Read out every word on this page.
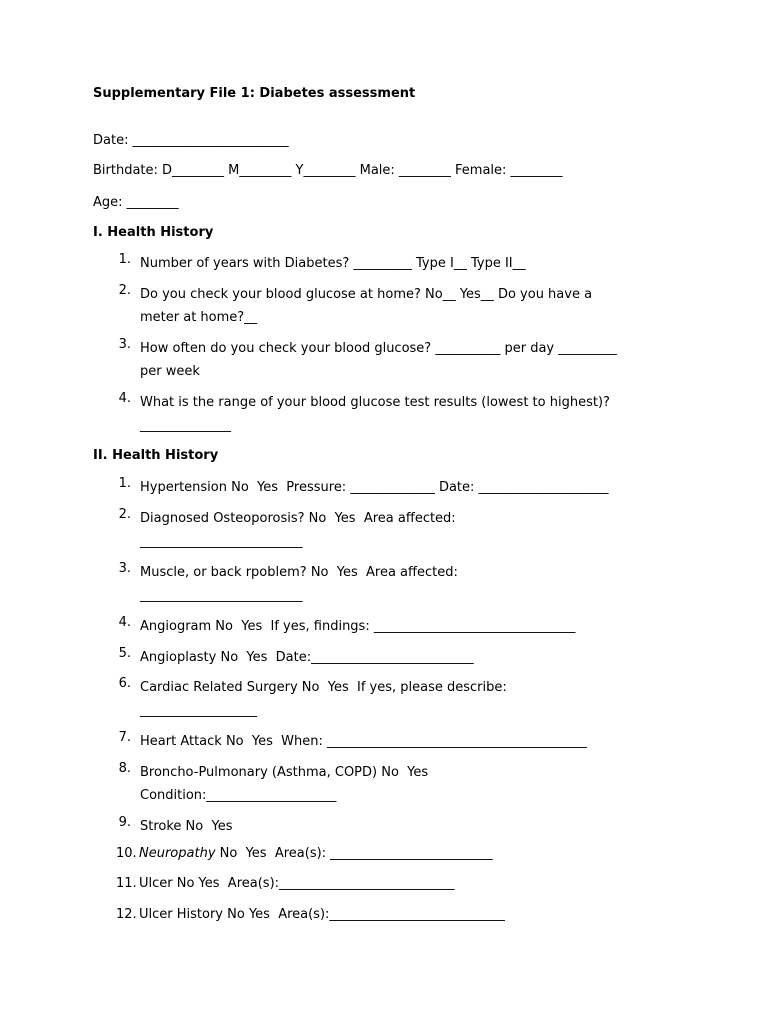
Supplementary File 1: Diabetes assessment
Date: ________________________
Birthdate: D________ M________ Y________ Male: ________ Female: ________
Age: ________
I. Health History
1. Number of years with Diabetes? _________ Type I__ Type II__
2. Do you check your blood glucose at home? No__ Yes__ Do you have a
meter at home?__
3. How often do you check your blood glucose? __________ per day _________
per week
4. What is the range of your blood glucose test results (lowest to highest)?
______________
II. Health History
1. Hypertension No  Yes  Pressure: _____________ Date: ____________________
2. Diagnosed Osteoporosis? No  Yes  Area affected:
_________________________
3. Muscle, or back rpoblem? No  Yes  Area affected:
_________________________
4. Angiogram No  Yes  If yes, findings: _______________________________
5. Angioplasty No  Yes  Date:_________________________
6. Cardiac Related Surgery No  Yes  If yes, please describe:
__________________
7. Heart Attack No  Yes  When: ________________________________________
8. Broncho-Pulmonary (Asthma, COPD) No  Yes
Condition:____________________
9. Stroke No  Yes
10. Neuropathy No  Yes  Area(s): _________________________
11. Ulcer No Yes  Area(s):___________________________
12. Ulcer History No Yes  Area(s):___________________________
